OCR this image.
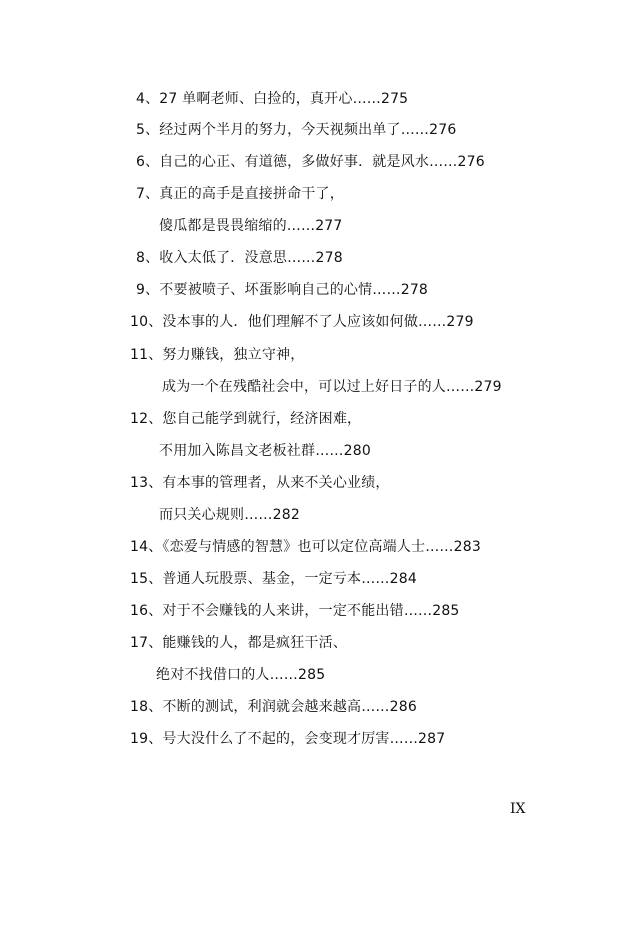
4、27 单啊老师、白捡的，真开心……275
5、经过两个半月的努力，今天视频出单了……276
6、自己的心正、有道德，多做好事．就是风水……276
7、真正的高手是直接拼命干了，
傻瓜都是畏畏缩缩的……277
8、收入太低了．没意思……278
9、不要被喷子、坏蛋影响自己的心情……278
10、没本事的人．他们理解不了人应该如何做……279
11、努力赚钱，独立守神，
成为一个在残酷社会中，可以过上好日子的人……279
12、您自己能学到就行，经济困难，
不用加入陈昌文老板社群……280
13、有本事的管理者，从来不关心业绩，
而只关心规则……282
14、《恋爱与情感的智慧》也可以定位高端人士……283
15、普通人玩股票、基金，一定亏本……284
16、对于不会赚钱的人来讲，一定不能出错……285
17、能赚钱的人，都是疯狂干活、
绝对不找借口的人……285
18、不断的测试，利润就会越来越高……286
19、号大没什么了不起的，会变现才厉害……287
IX
